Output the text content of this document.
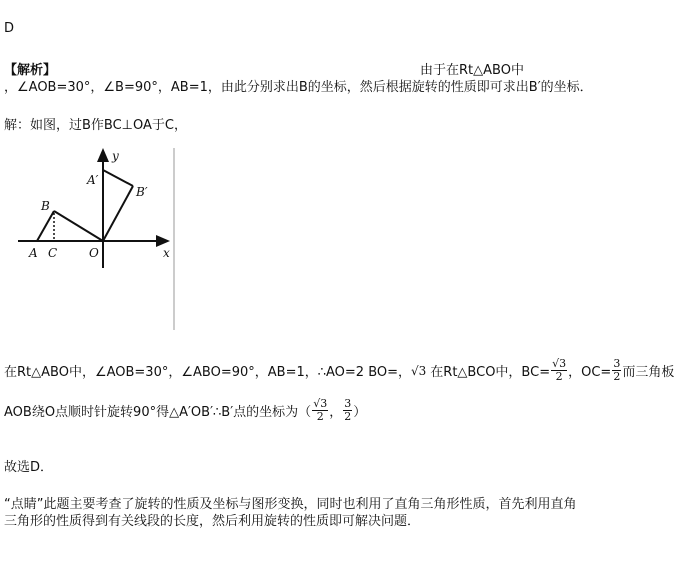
D
【解析】	由于在Rt△ABO中
，∠AOB=30°，∠B=90°，AB=1，由此分别求出B的坐标，然后根据旋转的性质即可求出B′的坐标．
解：如图，过B作BC⊥OA于C，
y
x
A′
B′
B
A C	O
在Rt△ABO中，∠AOB=30°，∠ABO=90°，AB=1，∴AO=2 BO=， √3 在Rt△BCO中，$BC= \frac{√3}{2}$ ，$OC= \frac{3}{2}$ 而三角板
AOB绕O点顺时针旋转90°得△A′OB′∴B′点的坐标为（ $\frac{√3}{2}$ ， $\frac{3}{2}$ ）
故选D．
“点睛”此题主要考查了旋转的性质及坐标与图形变换，同时也利用了直角三角形性质，首先利用直角
三角形的性质得到有关线段的长度，然后利用旋转的性质即可解决问题．
